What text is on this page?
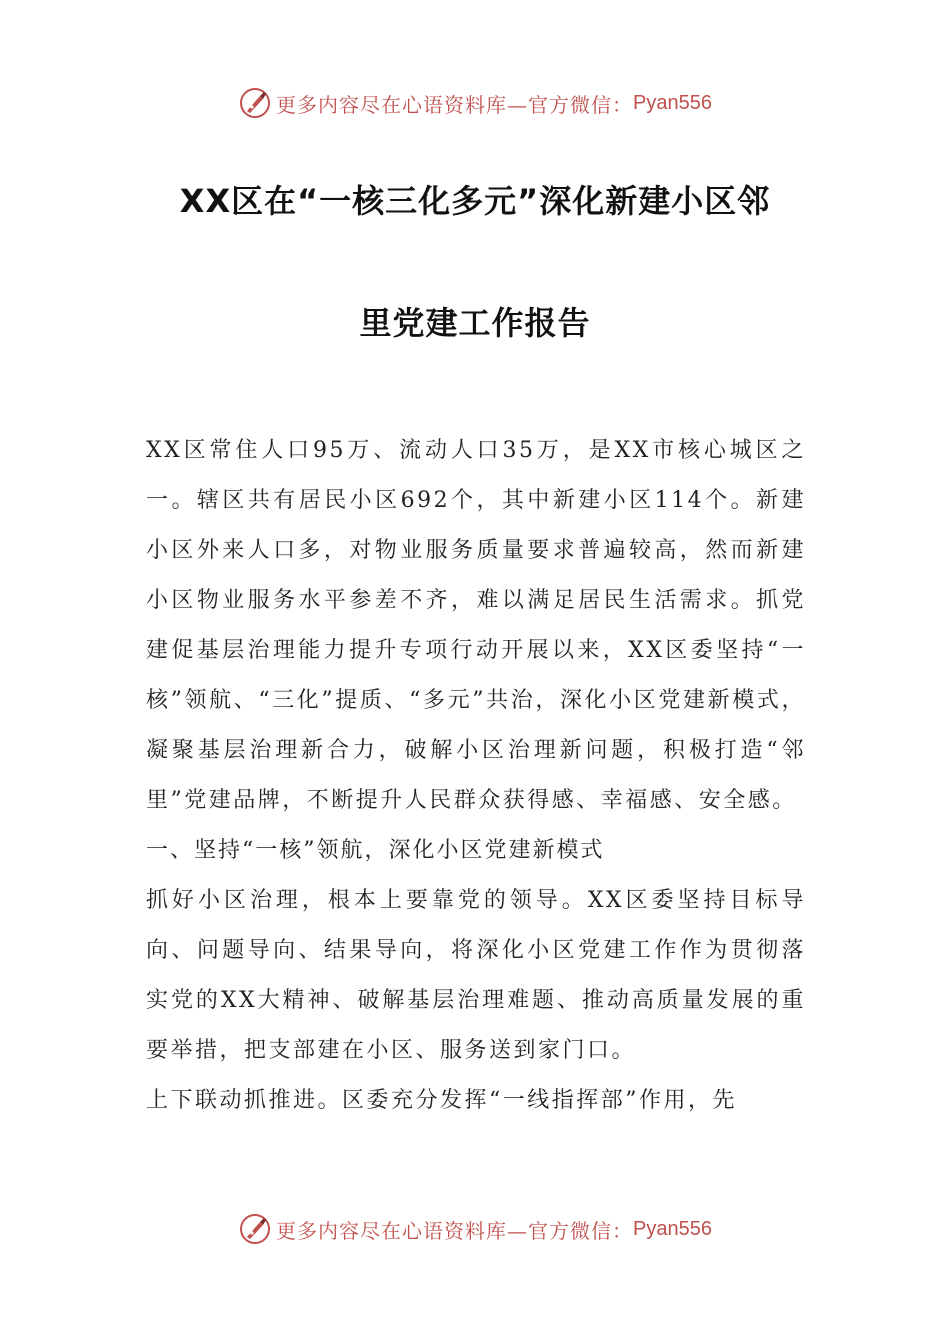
更多内容尽在心语资料库—官方微信： Pyan556
XX区在“一核三化多元”深化新建小区邻
里党建工作报告

XX区常住人口95万、流动人口35万，是XX市核心城区之一。辖区共有居民小区692个，其中新建小区114个。新建小区外来人口多，对物业服务质量要求普遍较高，然而新建小区物业服务水平参差不齐，难以满足居民生活需求。抓党建促基层治理能力提升专项行动开展以来，XX区委坚持“一核”领航、“三化”提质、“多元”共治，深化小区党建新模式，凝聚基层治理新合力，破解小区治理新问题，积极打造“邻里”党建品牌，不断提升人民群众获得感、幸福感、安全感。

一、坚持“一核”领航，深化小区党建新模式

抓好小区治理，根本上要靠党的领导。XX区委坚持目标导向、问题导向、结果导向，将深化小区党建工作作为贯彻落实党的XX大精神、破解基层治理难题、推动高质量发展的重要举措，把支部建在小区、服务送到家门口。

上下联动抓推进。区委充分发挥“一线指挥部”作用，先

更多内容尽在心语资料库—官方微信： Pyan556
